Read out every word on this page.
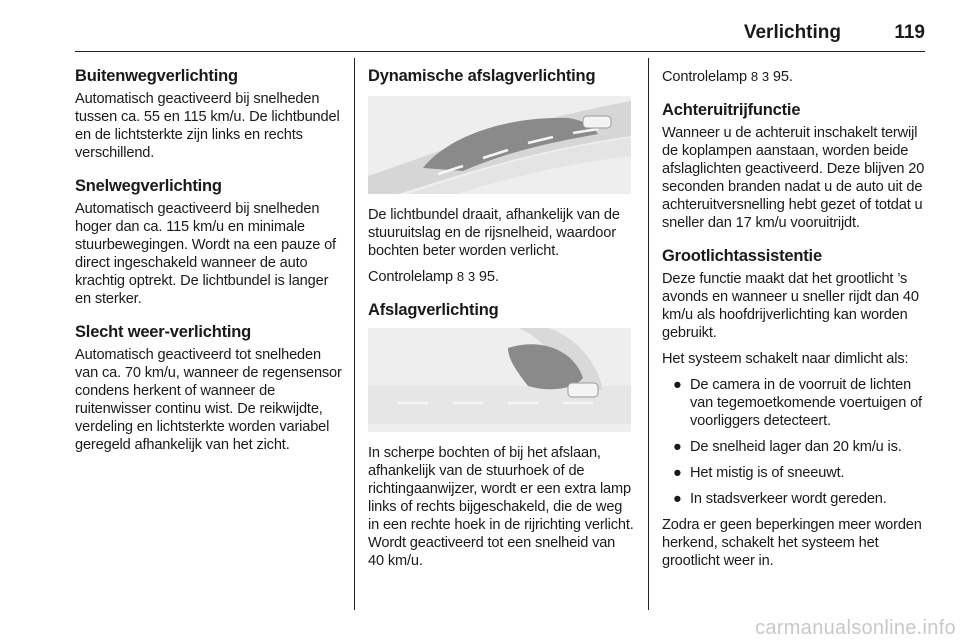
Verlichting	119
Buitenwegverlichting

Automatisch geactiveerd bij snelheden tussen ca. 55 en 115 km/u. De lichtbundel en de lichtsterkte zijn links en rechts verschillend.

Snelwegverlichting

Automatisch geactiveerd bij snelheden hoger dan ca. 115 km/u en minimale stuurbewegingen. Wordt na een pauze of direct ingeschakeld wanneer de auto krachtig optrekt. De lichtbundel is langer en sterker.

Slecht weer-verlichting

Automatisch geactiveerd tot snelheden van ca. 70 km/u, wanneer de regensensor condens herkent of wanneer de ruitenwisser continu wist. De reikwijdte, verdeling en lichtsterkte worden variabel geregeld afhankelijk van het zicht.

Dynamische afslagverlichting

De lichtbundel draait, afhankelijk van de stuuruitslag en de rijsnelheid, waardoor bochten beter worden verlicht.

Controlelamp 8 3 95.

Afslagverlichting

In scherpe bochten of bij het afslaan, afhankelijk van de stuurhoek of de richtingaanwijzer, wordt er een extra lamp links of rechts bijgeschakeld, die de weg in een rechte hoek in de rijrichting verlicht. Wordt geactiveerd tot een snelheid van 40 km/u.

Controlelamp 8 3 95.

Achteruitrijfunctie

Wanneer u de achteruit inschakelt terwijl de koplampen aanstaan, worden beide afslaglichten geactiveerd. Deze blijven 20 seconden branden nadat u de auto uit de achteruitversnelling hebt gezet of totdat u sneller dan 17 km/u vooruitrijdt.

Grootlichtassistentie

Deze functie maakt dat het grootlicht ’s avonds en wanneer u sneller rijdt dan 40 km/u als hoofdrijverlichting kan worden gebruikt.

Het systeem schakelt naar dimlicht als:

● De camera in de voorruit de lichten van tegemoetkomende voertuigen of voorliggers detecteert.
● De snelheid lager dan 20 km/u is.
● Het mistig is of sneeuwt.
● In stadsverkeer wordt gereden.

Zodra er geen beperkingen meer worden herkend, schakelt het systeem het grootlicht weer in.

carmanualsonline.info
